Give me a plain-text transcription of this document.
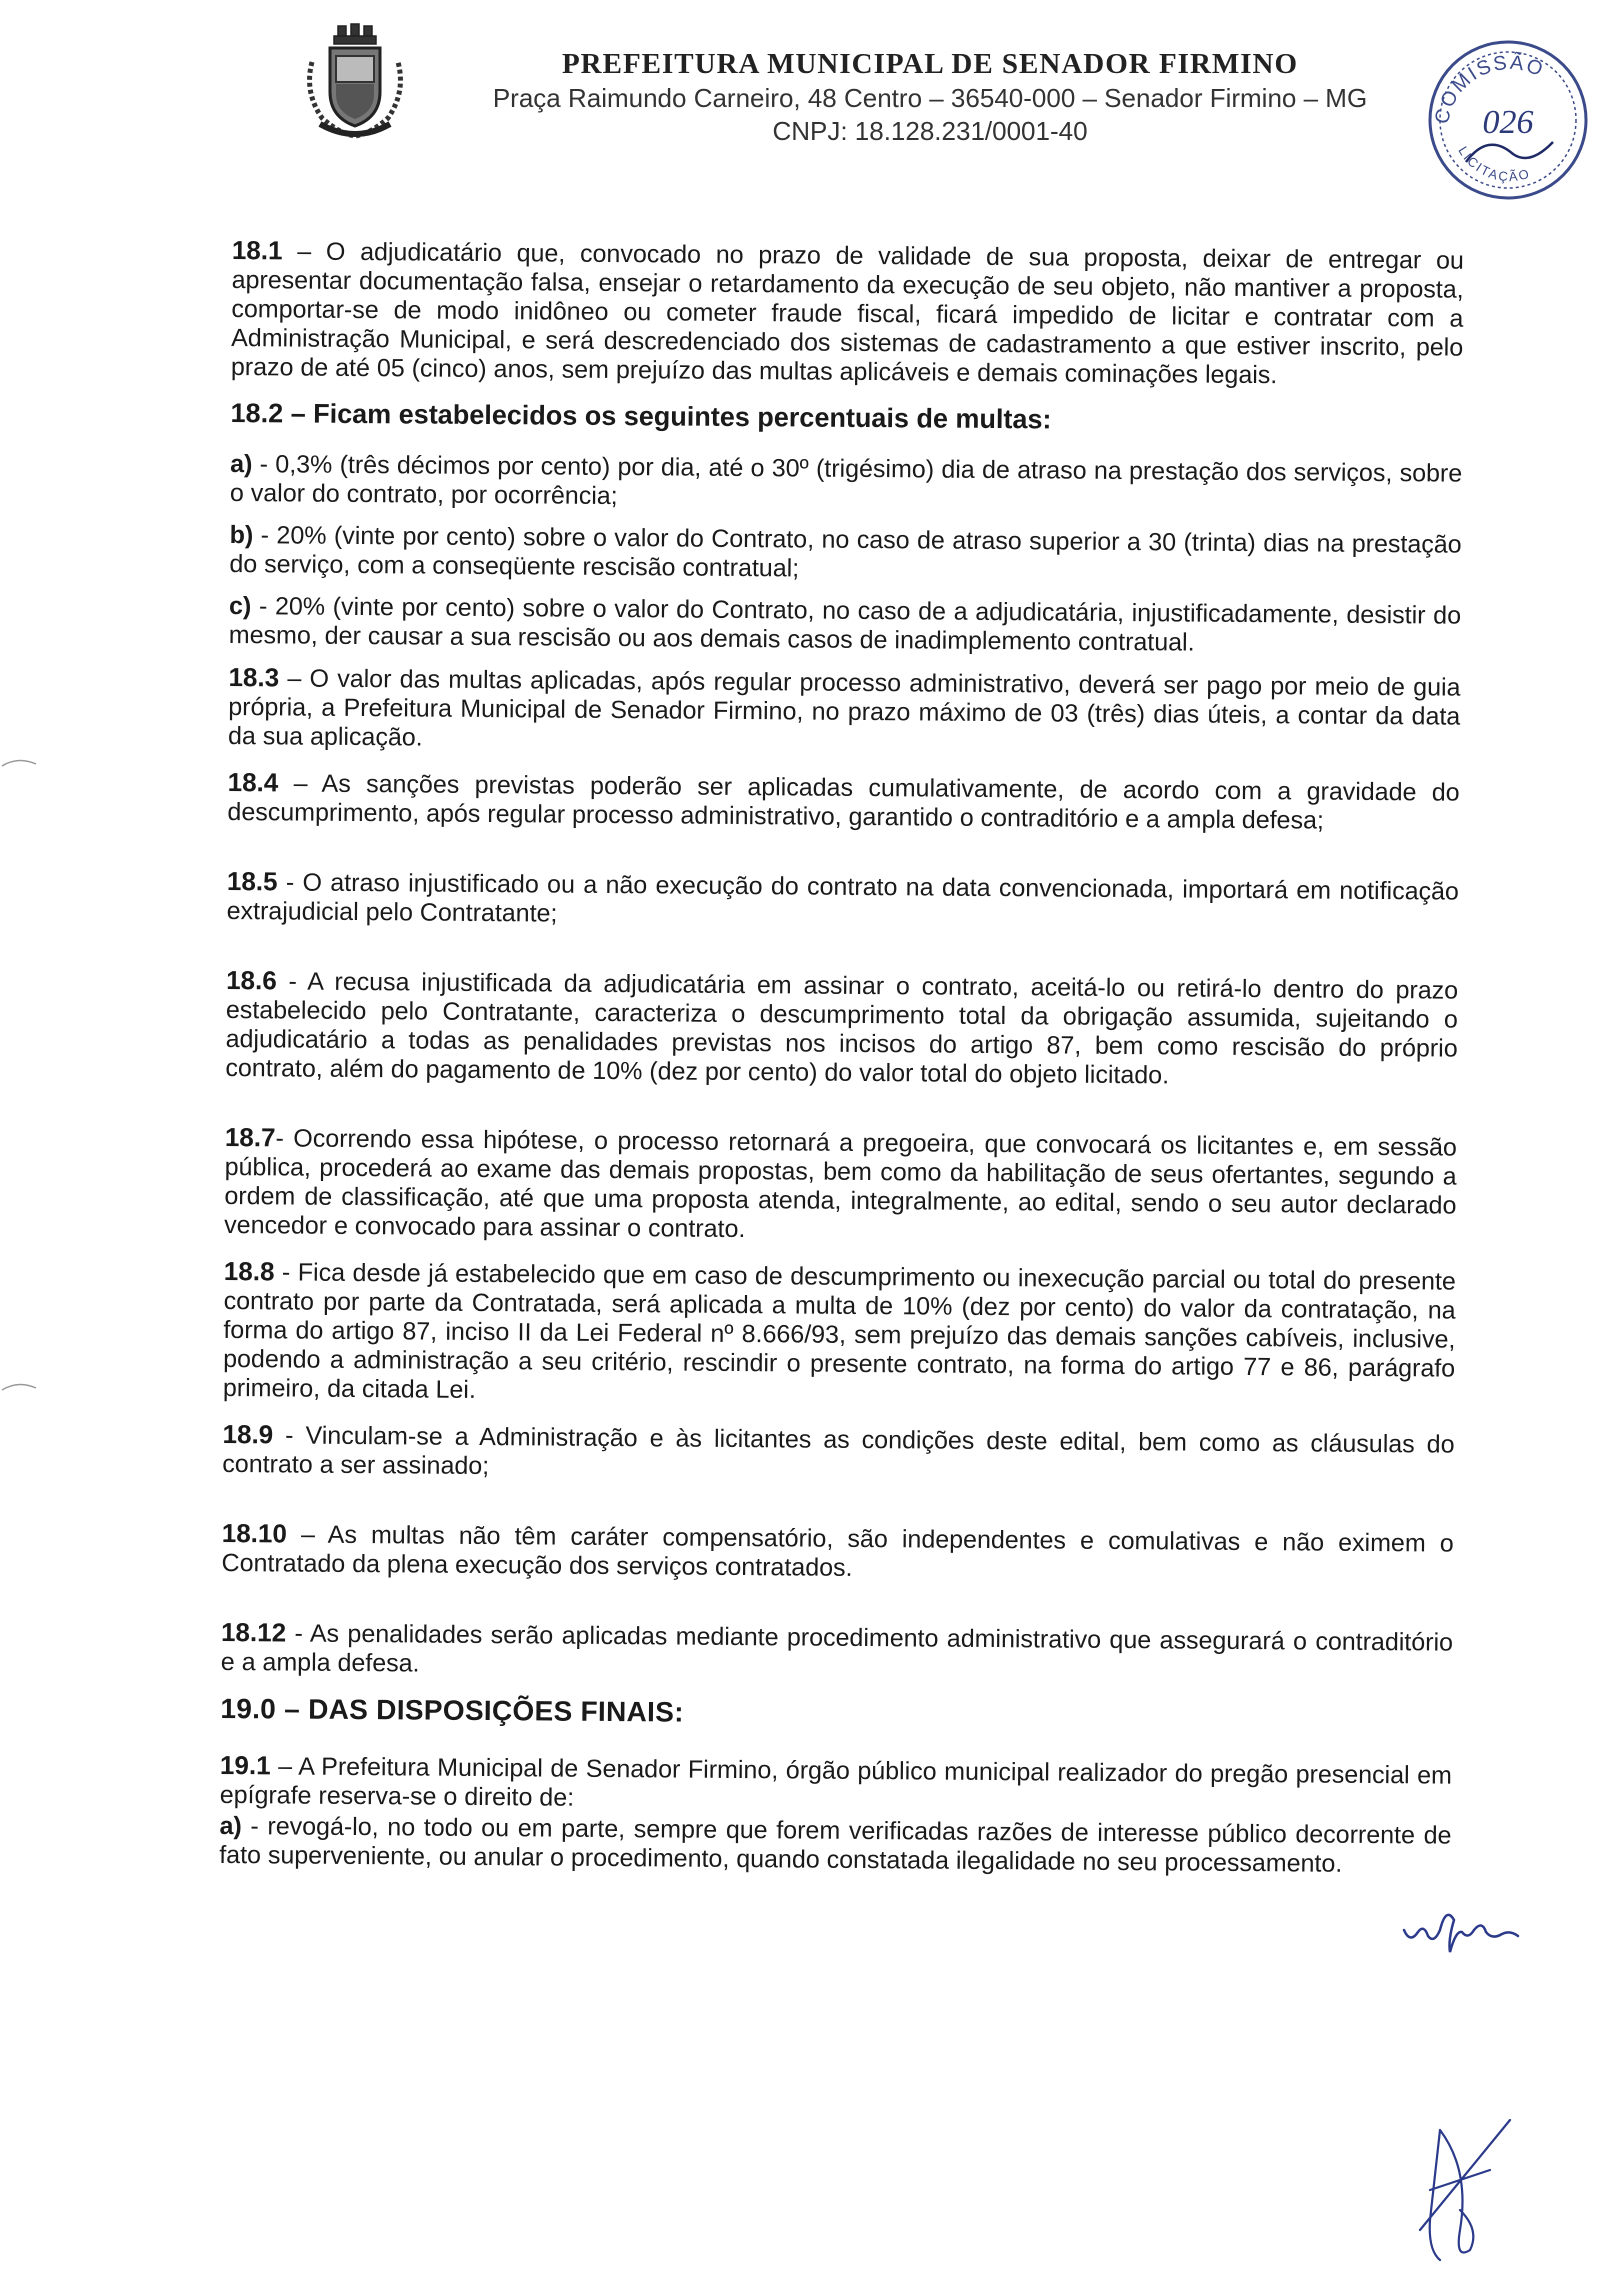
PREFEITURA MUNICIPAL DE SENADOR FIRMINO
Praça Raimundo Carneiro, 48 Centro – 36540-000 – Senador Firmino – MG
CNPJ: 18.128.231/0001-40
COMISSÃO
026
LICITAÇÃO

18.1 – O adjudicatário que, convocado no prazo de validade de sua proposta, deixar de entregar ou apresentar documentação falsa, ensejar o retardamento da execução de seu objeto, não mantiver a proposta, comportar-se de modo inidôneo ou cometer fraude fiscal, ficará impedido de licitar e contratar com a Administração Municipal, e será descredenciado dos sistemas de cadastramento a que estiver inscrito, pelo prazo de até 05 (cinco) anos, sem prejuízo das multas aplicáveis e demais cominações legais.

18.2 – Ficam estabelecidos os seguintes percentuais de multas:

a) - 0,3% (três décimos por cento) por dia, até o 30º (trigésimo) dia de atraso na prestação dos serviços, sobre o valor do contrato, por ocorrência;

b) - 20% (vinte por cento) sobre o valor do Contrato, no caso de atraso superior a 30 (trinta) dias na prestação do serviço, com a conseqüente rescisão contratual;

c) - 20% (vinte por cento) sobre o valor do Contrato, no caso de a adjudicatária, injustificadamente, desistir do mesmo, der causar a sua rescisão ou aos demais casos de inadimplemento contratual.

18.3 – O valor das multas aplicadas, após regular processo administrativo, deverá ser pago por meio de guia própria, a Prefeitura Municipal de Senador Firmino, no prazo máximo de 03 (três) dias úteis, a contar da data da sua aplicação.

18.4 – As sanções previstas poderão ser aplicadas cumulativamente, de acordo com a gravidade do descumprimento, após regular processo administrativo, garantido o contraditório e a ampla defesa;

18.5 - O atraso injustificado ou a não execução do contrato na data convencionada, importará em notificação extrajudicial pelo Contratante;

18.6 - A recusa injustificada da adjudicatária em assinar o contrato, aceitá-lo ou retirá-lo dentro do prazo estabelecido pelo Contratante, caracteriza o descumprimento total da obrigação assumida, sujeitando o adjudicatário a todas as penalidades previstas nos incisos do artigo 87, bem como rescisão do próprio contrato, além do pagamento de 10% (dez por cento) do valor total do objeto licitado.

18.7- Ocorrendo essa hipótese, o processo retornará a pregoeira, que convocará os licitantes e, em sessão pública, procederá ao exame das demais propostas, bem como da habilitação de seus ofertantes, segundo a ordem de classificação, até que uma proposta atenda, integralmente, ao edital, sendo o seu autor declarado vencedor e convocado para assinar o contrato.

18.8 - Fica desde já estabelecido que em caso de descumprimento ou inexecução parcial ou total do presente contrato por parte da Contratada, será aplicada a multa de 10% (dez por cento) do valor da contratação, na forma do artigo 87, inciso II da Lei Federal nº 8.666/93, sem prejuízo das demais sanções cabíveis, inclusive, podendo a administração a seu critério, rescindir o presente contrato, na forma do artigo 77 e 86, parágrafo primeiro, da citada Lei.

18.9 - Vinculam-se a Administração e às licitantes as condições deste edital, bem como as cláusulas do contrato a ser assinado;

18.10 – As multas não têm caráter compensatório, são independentes e comulativas e não eximem o Contratado da plena execução dos serviços contratados.

18.12 - As penalidades serão aplicadas mediante procedimento administrativo que assegurará o contraditório e a ampla defesa.

19.0 – DAS DISPOSIÇÕES FINAIS:

19.1 – A Prefeitura Municipal de Senador Firmino, órgão público municipal realizador do pregão presencial em epígrafe reserva-se o direito de:

a) - revogá-lo, no todo ou em parte, sempre que forem verificadas razões de interesse público decorrente de fato superveniente, ou anular o procedimento, quando constatada ilegalidade no seu processamento.
